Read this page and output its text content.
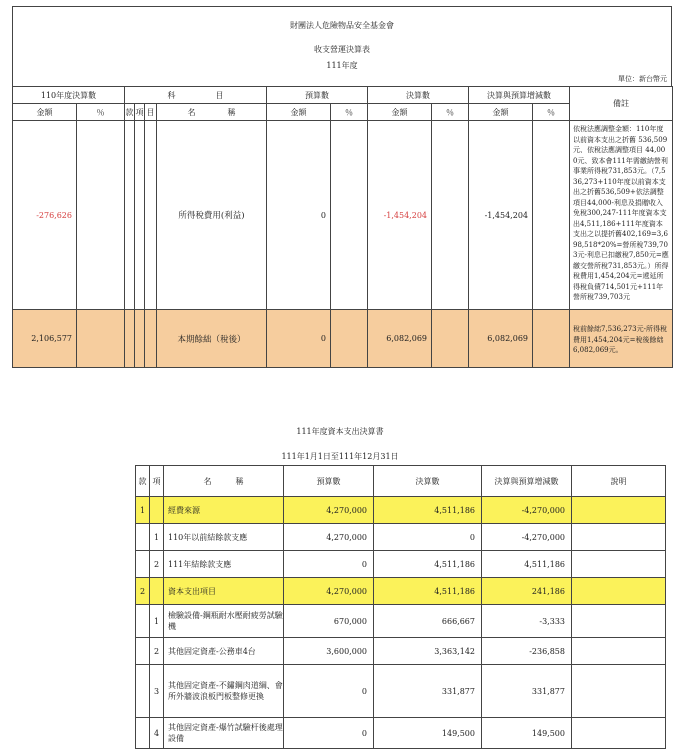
財團法人危險物品安全基金會
收支營運決算表
111年度
單位：新台幣元
110年度決算數		科　　　　　目				預算數		決算數		決算與預算增減數		備註
金額	％	款	項	目	名　　　　稱	金額	％	金額	％	金額	％	
-276,626					所得稅費用(利益)	0		-1,454,204		-1,454,204		依稅法應調整金額：110年度以前資本支出之折舊 536,509元、依稅法應調整項目 44,000元、致本會111年需繳納營利事業所得稅731,853元。（7,536,273+110年度以前資本支出之折舊536,509+依法調整項目44,000-利息及捐贈收入免稅300,247-111年度資本支出4,511,186+111年度資本支出之以提折舊402,169=3,698,518*20%=營所稅739,703元-利息已扣繳稅7,850元=應繳交營所稅731,853元。）所得稅費用1,454,204元=遞延所得稅負債714,501元+111年營所稅739,703元
2,106,577					本期餘絀（稅後）	0		6,082,069		6,082,069		稅前餘絀7,536,273元-所得稅費用1,454,204元=稅後餘絀6,082,069元。
111年度資本支出決算書
111年1月1日至111年12月31日
款	項	名　　　稱	預算數	決算數	決算與預算增減數	說明
1		經費來源	4,270,000	4,511,186	-4,270,000	
	1	110年以前結餘款支應	4,270,000	0	-4,270,000	
	2	111年結餘款支應	0	4,511,186	4,511,186	
2		資本支出項目	4,270,000	4,511,186	241,186	
	1	檢驗設備-鋼瓶耐水壓耐疲勞試驗機	670,000	666,667	-3,333	
	2	其他固定資產-公務車4台	3,600,000	3,363,142	-236,858	
	3	其他固定資產-不鏽鋼肉道綱、會所外牆波浪板門板整修更換	0	331,877	331,877	
	4	其他固定資產-爆竹試驗杆後處理設備	0	149,500	149,500	
